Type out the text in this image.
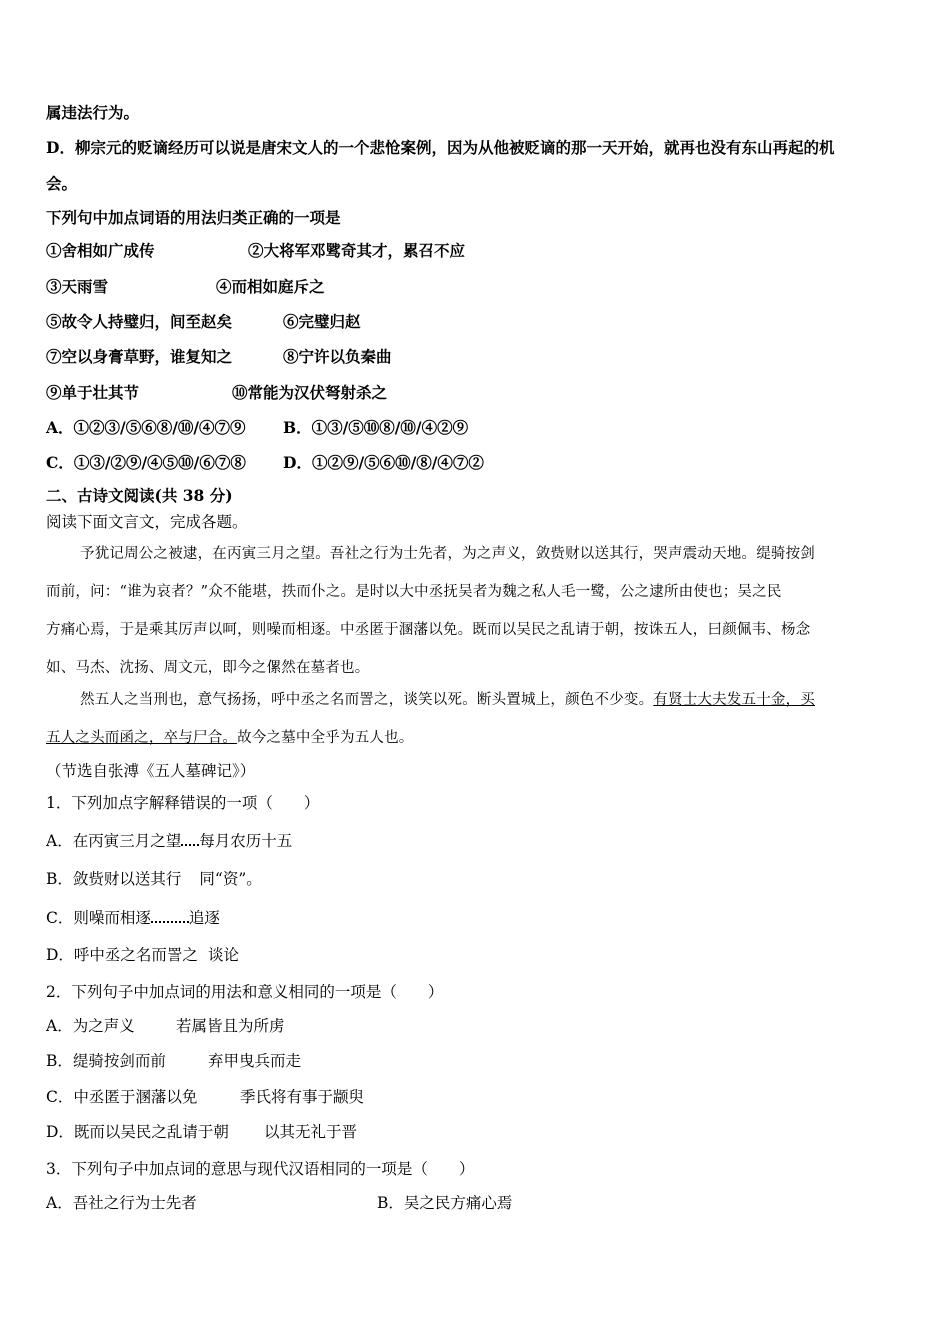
属违法行为。
D．柳宗元的贬谪经历可以说是唐宋文人的一个悲怆案例，因为从他被贬谪的那一天开始，就再也没有东山再起的机
会。
下列句中加点词语的用法归类正确的一项是
①舍相如广成传	②大将军邓骘奇其才，累召不应
③天雨雪	④而相如庭斥之
⑤故令人持璧归，间至赵矣	⑥完璧归赵
⑦空以身膏草野，谁复知之	⑧宁许以负秦曲
⑨单于壮其节	⑩常能为汉伏弩射杀之
A．①②③/⑤⑥⑧/⑩/④⑦⑨ B．①③/⑤⑩⑧/⑩/④②⑨
C．①③/②⑨/④⑤⑩/⑥⑦⑧ D．①②⑨/⑤⑥⑩/⑧/④⑦②
二、古诗文阅读(共 38 分)
阅读下面文言文，完成各题。
予犹记周公之被逮，在丙寅三月之望。吾社之行为士先者，为之声义，敛赀财以送其行，哭声震动天地。缇骑按剑
而前，问：“谁为哀者？”众不能堪，抶而仆之。是时以大中丞抚吴者为魏之私人毛一鹭，公之逮所由使也；吴之民
方痛心焉，于是乘其厉声以呵，则噪而相逐。中丞匿于溷藩以免。既而以吴民之乱请于朝，按诛五人，曰颜佩韦、杨念
如、马杰、沈扬、周文元，即今之傫然在墓者也。
然五人之当刑也，意气扬扬，呼中丞之名而詈之，谈笑以死。断头置城上，颜色不少变。有贤士大夫发五十金，买
五人之头而函之，卒与尸合。故今之墓中全乎为五人也。
（节选自张溥《五人墓碑记》）
1．下列加点字解释错误的一项（　　）
A．在丙寅三月之望 每月农历十五
B．敛赀财以送其行 同“资”。
C．则噪而相逐 追逐
D．呼中丞之名而詈之 谈论
2．下列句子中加点词的用法和意义相同的一项是（　　）
A．为之声义	若属皆且为所虏
B．缇骑按剑而前	弃甲曳兵而走
C．中丞匿于溷藩以免	季氏将有事于颛臾
D．既而以吴民之乱请于朝 以其无礼于晋
3．下列句子中加点词的意思与现代汉语相同的一项是（　　）
A．吾社之行为士先者	B．吴之民方痛心焉
